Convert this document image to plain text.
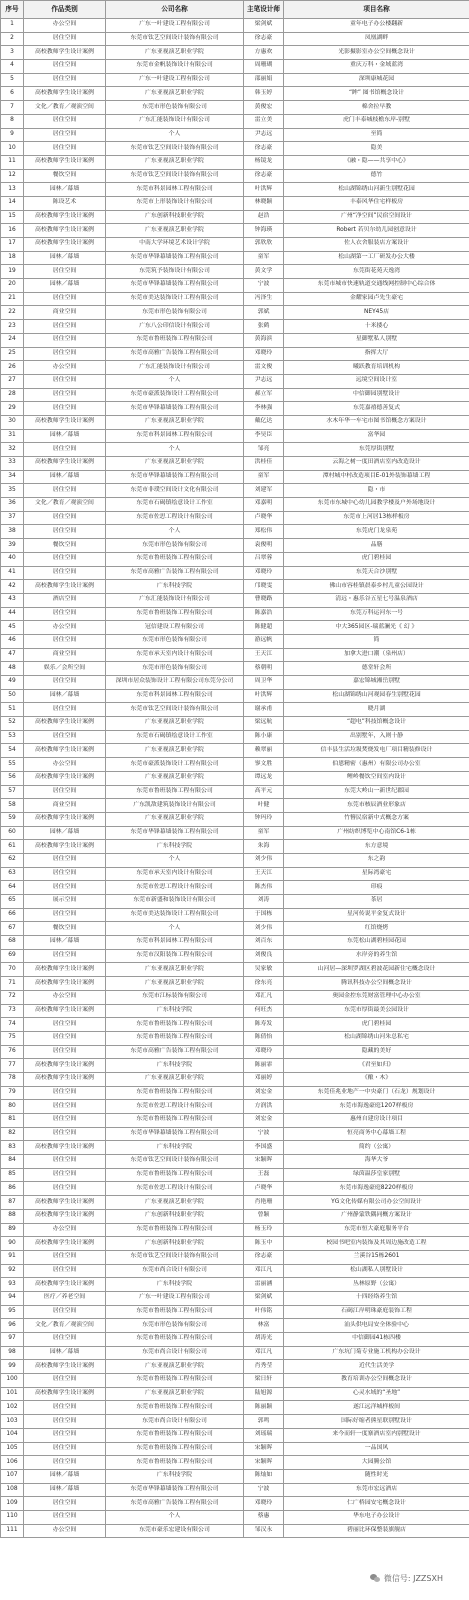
序号	作品类别	公司名称	主笔设计师	项目名称
1	办公空间	广东一叶建设工程有限公司	梁剑斌	童年电子办公楼翻新
2	居住空间	东莞市钛艺空间设计装饰有限公司	徐志豪	凤凰湖畔
3	高校教师学生设计案例	广东亚视演艺职业学院	方惠欢	光影摄影室办公空间概念设计
4	居住空间	东莞市金帆装饰设计有限公司	周珊瑚	重庆万科・金域蓝湾
5	居住空间	广东一叶建设工程有限公司	邵丽娟	深圳康城花园
6	高校教师学生设计案例	广东亚视演艺职业学院	韩玉婷	“眸” 图书馆概念设计
7	文化／教育／观演空间	东莞市形色装饰有限公司	黄俊宏	棉舍拉早教
8	居住空间	广东汇能装饰设计有限公司	雷立美	虎门丰泰城枝檐东岸-别墅
9	居住空间	个人	尹志远	至简
10	居住空间	东莞市钛艺空间设计装饰有限公司	徐志豪	隐美
11	高校教师学生设计案例	广东亚视演艺职业学院	杨镜龙	《融・隐——共享中心》
12	餐饮空间	东莞市钛艺空间设计装饰有限公司	徐志豪	德竹
13	园林／幕墙	东莞市科景园林工程有限公司	叶洪辉	松山湖锦绣山河新生别墅花园
14	陈设艺术	东莞市上形装饰设计有限公司	林晓颖	丰泰风华住宅样板房
15	高校教师学生设计案例	广东创新科技职业学院	赵浩	广州“净空间”民宿空间设计
16	高校教师学生设计案例	广东亚视演艺职业学院	钟海瑛	Robert 若贝尔幼儿园创意设计
17	高校教师学生设计案例	中南大学环境艺术设计学院	郭欣欣	佐人衣舍服装店方案设计
18	园林／幕墙	东莞市华锋幕墙装饰工程有限公司	童军	松山湖第一工厂研发办公大楼
19	居住空间	东莞筑予装饰设计有限公司	黄文学	东莞街花苑天逸湾
20	园林／幕墙	东莞市华锋幕墙装饰工程有限公司	宁波	东莞市城市快速轨道交通线网控制中心综合体
21	居住空间	东莞市美达装饰设计工程有限公司	冯泽生	金耀家园卢先生豪宅
22	商业空间	东莞市形色装饰有限公司	郭斌	NEY45店
23	居住空间	广东八公印信设计有限公司	张鹤	十米搂心
24	居住空间	东莞市鲁班装饰工程有限公司	黄海滨	星御墅私人别墅
25	居住空间	东莞市高雅广告装饰工程有限公司	邓晓玲	指挥大厅
26	办公空间	广东汇能装饰设计有限公司	雷文俊	曦跃教育培训机构
27	居住空间	个人	尹志远	远境空间设计室
28	居住空间	东莞市豪派装饰设计工程有限公司	郝立军	中信御园别墅设计
29	居住空间	东莞市华锋幕墙装饰工程有限公司	李林强	东莞嘉禧德善复式
30	高校教师学生设计案例	广东亚视演艺职业学院	戴亿达	水木年华一车宅市图书馆概念方案设计
31	园林／幕墙	东莞市科景园林工程有限公司	李昊臣	富华园
32	居住空间	个人	邹亮	东莞厚街别墅
33	高校教师学生设计案例	广东亚视演艺职业学院	洪桂佳	云海之树一度田酒店室内改造设计
34	园林／幕墙	东莞市华锋幕墙装饰工程有限公司	童军	潭村城中村改造项目E-01外装饰幕墙工程
35	居住空间	东莞市非璞空间设计文化有限公司	刘建军	隐・市
36	文化／教育／观演空间	东莞市石碣镇绘意设计工作室	邓嘉明	东莞市东城中心幼儿园教学楼及户外场地设计
37	居住空间	东莞市佐思工程设计有限公司	卢晓华	东莞市上河居13栋样板房
38	居住空间	个人	郑松伟	东莞虎门龙泉苑
39	餐饮空间	东莞市形色装饰有限公司	袁俊明	品膳
40	居住空间	东莞市鲁班装饰工程有限公司	吕翠蓉	虎门碧桂园
41	居住空间	东莞市高雅广告装饰工程有限公司	邓晓玲	东莞天合沙别墅
42	高校教师学生设计案例	广东科技学院	邝晓雯	佛山市容桂镇晨泰乡村儿童公园设计
43	酒店空间	广东汇能装饰设计有限公司	曹晓路	清远・惠乐谷五星七号温泉酒店
44	居住空间	东莞市鲁班装饰工程有限公司	陈嘉浩	东莞万科运河东一号
45	办公空间	冠信建设工程有限公司	陈健超	中大365园区-瑞蓝澜光《 幻 》
46	居住空间	东莞市形色装饰有限公司	游远帆	简
47	商业空间	东莞市承天室内设计有限公司	王天江	加拿大进口潮（泉州店）
48	娱乐／会所空间	东莞市形色装饰有限公司	蔡朝明	德堂轩会所
49	居住空间	深圳市居众装饰设计工程有限公司东莞分公司	周卫华	嘉宏锦城湘岳别墅
50	园林／幕墙	东莞市科景园林工程有限公司	叶洪辉	松山湖锦绣山河观园春生别墅花园
51	居住空间	东莞市钛艺空间设计装饰有限公司	谢承甫	晓月湖
52	高校教师学生设计案例	广东亚视演艺职业学院	梁远航	“超电”科技馆概念设计
53	居住空间	东莞市石碣镇绘意设计工作室	陈小康	出别墅年，入则十静
54	高校教师学生设计案例	广东亚视演艺职业学院	赖翠丽	信丰县生活垃圾焚烧发电厂项目精装修设计
55	办公空间	东莞市豪派装饰设计工程有限公司	寥文胜	伯恩精密（惠州）有限公司办公室
56	高校教师学生设计案例	广东亚视演艺职业学院	谭远龙	鲤岭餐饮空间室内设计
57	居住空间	东莞市鲁班装饰工程有限公司	高平元	东莞大岭山一新世纪郡园
58	商业空间	广东凯敌建筑装饰设计有限公司	叶健	东莞市核辰酒业形象店
59	高校教师学生设计案例	广东亚视演艺职业学院	钟玛玲	竹簪民宿新中式概念方案
60	园林／幕墙	东莞市华锋幕墙装饰工程有限公司	童军	广州纺织博览中心南馆C6-1栋
61	高校教师学生设计案例	广东科技学院	朱海	东方意境
62	居住空间	个人	刘少伟	东之韵
63	居住空间	东莞市承天室内设计有限公司	王天江	星际湾豪宅
64	居住空间	东莞市佐思工程设计有限公司	陈杰伟	印痕
65	展示空间	东莞市新盛和装饰设计有限公司	刘涛	茶居
66	居住空间	东莞市美达装饰设计工程有限公司	于国栋	星河传说平金复式设计
67	餐饮空间	个人	刘少伟	红馆烧烤
68	园林／幕墙	东莞市科景园林工程有限公司	刘百东	东莞松山湖碧桂园花园
69	居住空间	东莞市汉阳装饰工程有限公司	刘俊良	水岸旁的养生馆
70	高校教师学生设计案例	广东亚视演艺职业学院	吴家敏	山河居—深圳罗湖区碧波花园新住宅概念设计
71	高校教师学生设计案例	广东亚视演艺职业学院	徐东亮	腾讯科技办公空间概念设计
72	办公空间	东莞市江标装饰有限公司	邓汇凡	奥园金控东莞财富管理中心办公室
73	高校教师学生设计案例	广东科技学院	何旺杰	东莞市厚街最美公园设计
74	居住空间	东莞市鲁班装饰工程有限公司	陈寿发	虎门碧桂园
75	居住空间	东莞市鲁班装饰工程有限公司	陈倩怡	松山湖锦绣山河朱总私宅
76	居住空间	东莞市高雅广告装饰工程有限公司	邓晓玲	隐藏的美好
77	高校教师学生设计案例	广东科技学院	陈丽霏	《君至如归》
78	高校教师学生设计案例	广东亚视演艺职业学院	邓丽婷	《酿・木》
79	居住空间	东莞市鲁班装饰工程有限公司	刘宏金	东莞佳兆业地产一中央豪门（石龙）规划设计
80	居住空间	东莞市佐思工程设计有限公司	方润洪	东莞市海逸豪庭1207样板房
81	居住空间	东莞市鲁班装饰工程有限公司	刘宏金	惠州自建房设计项目
82	居住空间	东莞市华锋幕墙装饰工程有限公司	宁波	恒亮商务中心幕墙工程
83	高校教师学生设计案例	广东科技学院	李国盛	简约（公寓）
84	居住空间	东莞市钛艺空间设计装饰有限公司	宋颖晖	海华大爷
85	居住空间	东莞市鲁班装饰工程有限公司	王磊	绿茵温莎皇家别墅
86	居住空间	东莞市佐思工程设计有限公司	卢晓华	东莞市海逸豪庭8220样板房
87	高校教师学生设计案例	广东亚视演艺职业学院	肖艳珊	YG文化传媒有限公司办公空间设计
88	高校教师学生设计案例	广东创新科技职业学院	曾颖	广州静蒙铁隅同概方案设计
89	办公空间	东莞市鲁班装饰工程有限公司	杨玉玲	东莞市恒大豪庭服务平台
90	高校教师学生设计案例	广东创新科技职业学院	陈玉中	校园书吧室内装饰及其周边施改造工程
91	居住空间	东莞市钛艺空间设计装饰有限公司	徐志豪	兰溪谷15栋2601
92	居住空间	东莞市尚合设计有限公司	邓江凡	松山湖私人别墅设计
93	高校教师学生设计案例	广东科技学院	雷丽涵	丛林原野（公寓）
94	医疗／养老空间	广东一叶建设工程有限公司	梁剑斌	十四经络养生馆
95	居住空间	东莞市鲁班装饰工程有限公司	叶伟铭	石碣江岸明珠豪庭装饰工程
96	文化／教育／观演空间	东莞市形色装饰有限公司	林富	汕头供电局安全体验中心
97	居住空间	东莞市鲁班装饰工程有限公司	胡涛光	中信御园41栋四楼
98	园林／幕墙	东莞市尚合设计有限公司	邓江凡	广东坑门菊专业施工机构办公设计
99	高校教师学生设计案例	广东亚视演艺职业学院	肖秀莹	近代生活美学
100	居住空间	东莞市鲁班装饰工程有限公司	梁日轩	教育培训办公空间概念设计
101	高校教师学生设计案例	广东亚视演艺职业学院	陆旭源	心灵水域的“圣地”
102	居住空间	东莞市鲁班装饰工程有限公司	陈丽颖	遂江远洋城样板间
103	居住空间	东莞市尚合设计有限公司	郭鸣	国际好缩者熊星联别墅设计
104	居住空间	东莞市鲁班装饰工程有限公司	刘瑶瑞	来今而轩一度寨酒店室内别墅设计
105	居住空间	东莞市鲁班装饰工程有限公司	宋颖晖	一品国风
106	居住空间	东莞市鲁班装饰工程有限公司	宋颖晖	大园腾公馆
107	园林／幕墙	广东科技学院	陈灿如	随性时光
108	园林／幕墙	东莞市华锋幕墙装饰工程有限公司	宁波	东莞市宏远酒店
109	居住空间	东莞市高雅广告装饰工程有限公司	邓晓玲	仁广桥园安宅概念设计
110	居住空间	个人	蔡惠	华东电子办公设计
111	办公空间	东莞市豪乐宏建设有限公司	邹汉永	碧丽比环保整装旗舰店
微信号: JZZSXH
